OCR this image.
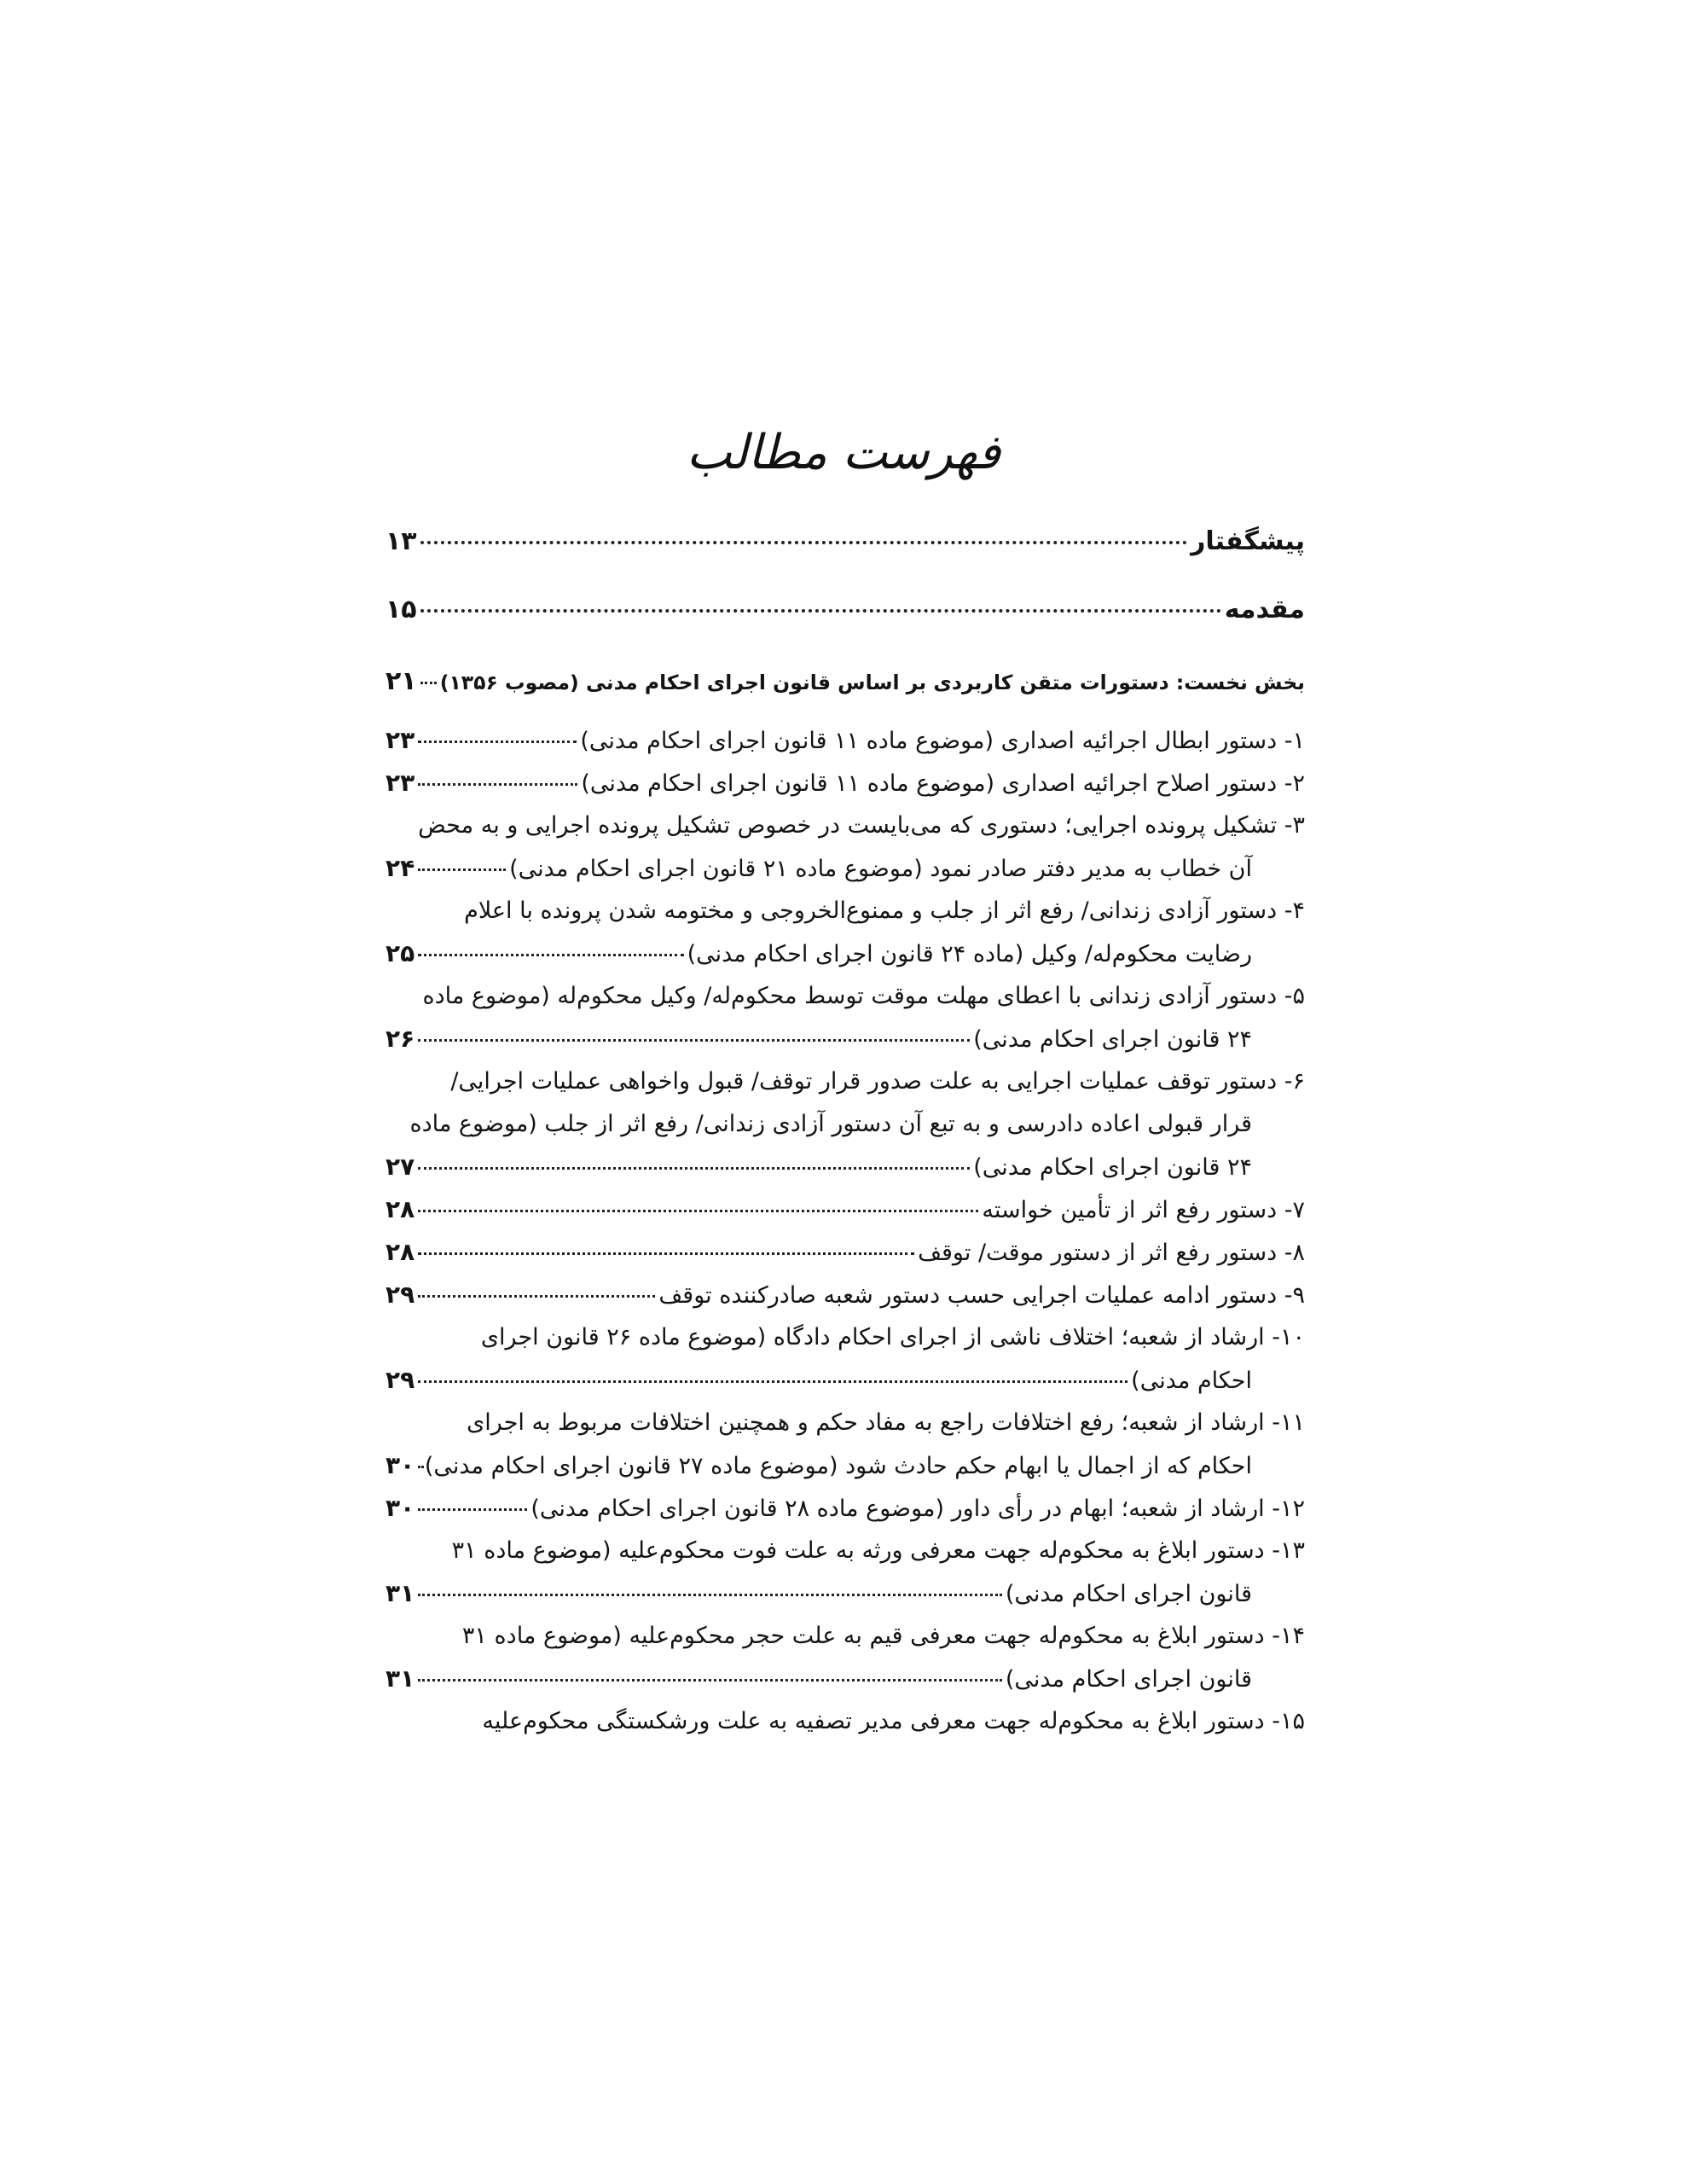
فهرست مطالب
پیشگفتار
۱۳
مقدمه
۱۵
بخش نخست: دستورات متقن کاربردی بر اساس قانون اجرای احکام مدنی (مصوب ۱۳۵۶)
۲۱
۱- دستور ابطال اجرائیه اصداری (موضوع ماده ۱۱ قانون اجرای احکام مدنی)
۲۳
۲- دستور اصلاح اجرائیه اصداری (موضوع ماده ۱۱ قانون اجرای احکام مدنی)
۲۳
۳- تشکیل پرونده اجرایی؛ دستوری که می‌بایست در خصوص تشکیل پرونده اجرایی و به محض
آن خطاب به مدیر دفتر صادر نمود (موضوع ماده ۲۱ قانون اجرای احکام مدنی)
۲۴
۴- دستور آزادی زندانی/ رفع اثر از جلب و ممنوع‌الخروجی و مختومه شدن پرونده با اعلام
رضایت محکوم‌له/ وکیل (ماده ۲۴ قانون اجرای احکام مدنی)
۲۵
۵- دستور آزادی زندانی با اعطای مهلت موقت توسط محکوم‌له/ وکیل محکوم‌له (موضوع ماده
۲۴ قانون اجرای احکام مدنی)
۲۶
۶- دستور توقف عملیات اجرایی به علت صدور قرار توقف/ قبول واخواهی عملیات اجرایی/
قرار قبولی اعاده دادرسی و به تبع آن دستور آزادی زندانی/ رفع اثر از جلب (موضوع ماده
۲۴ قانون اجرای احکام مدنی)
۲۷
۷- دستور رفع اثر از تأمین خواسته
۲۸
۸- دستور رفع اثر از دستور موقت/ توقف
۲۸
۹- دستور ادامه عملیات اجرایی حسب دستور شعبه صادرکننده توقف
۲۹
۱۰- ارشاد از شعبه؛ اختلاف ناشی از اجرای احکام دادگاه (موضوع ماده ۲۶ قانون اجرای
احکام مدنی)
۲۹
۱۱- ارشاد از شعبه؛ رفع اختلافات راجع به مفاد حکم و همچنین اختلافات مربوط به اجرای
احکام که از اجمال یا ابهام حکم حادث شود (موضوع ماده ۲۷ قانون اجرای احکام مدنی)
۳۰
۱۲- ارشاد از شعبه؛ ابهام در رأی داور (موضوع ماده ۲۸ قانون اجرای احکام مدنی)
۳۰
۱۳- دستور ابلاغ به محکوم‌له جهت معرفی ورثه به علت فوت محکوم‌علیه (موضوع ماده ۳۱
قانون اجرای احکام مدنی)
۳۱
۱۴- دستور ابلاغ به محکوم‌له جهت معرفی قیم به علت حجر محکوم‌علیه (موضوع ماده ۳۱
قانون اجرای احکام مدنی)
۳۱
۱۵- دستور ابلاغ به محکوم‌له جهت معرفی مدیر تصفیه به علت ورشکستگی محکوم‌علیه
